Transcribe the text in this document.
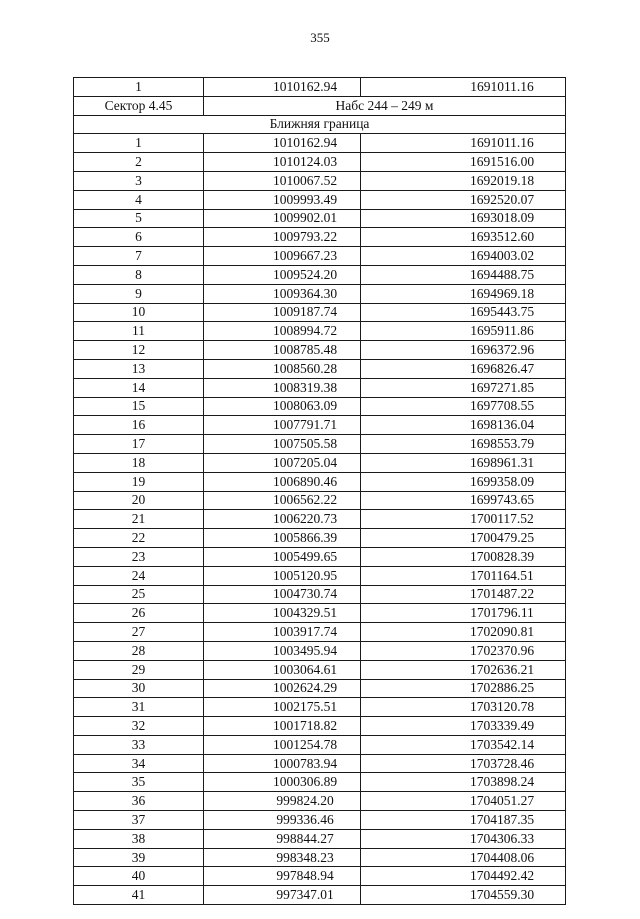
355
1	1010162.94	1691011.16
Сектор 4.45	Набс 244 – 249 м	
Ближняя граница		
1	1010162.94	1691011.16
2	1010124.03	1691516.00
3	1010067.52	1692019.18
4	1009993.49	1692520.07
5	1009902.01	1693018.09
6	1009793.22	1693512.60
7	1009667.23	1694003.02
8	1009524.20	1694488.75
9	1009364.30	1694969.18
10	1009187.74	1695443.75
11	1008994.72	1695911.86
12	1008785.48	1696372.96
13	1008560.28	1696826.47
14	1008319.38	1697271.85
15	1008063.09	1697708.55
16	1007791.71	1698136.04
17	1007505.58	1698553.79
18	1007205.04	1698961.31
19	1006890.46	1699358.09
20	1006562.22	1699743.65
21	1006220.73	1700117.52
22	1005866.39	1700479.25
23	1005499.65	1700828.39
24	1005120.95	1701164.51
25	1004730.74	1701487.22
26	1004329.51	1701796.11
27	1003917.74	1702090.81
28	1003495.94	1702370.96
29	1003064.61	1702636.21
30	1002624.29	1702886.25
31	1002175.51	1703120.78
32	1001718.82	1703339.49
33	1001254.78	1703542.14
34	1000783.94	1703728.46
35	1000306.89	1703898.24
36	999824.20	1704051.27
37	999336.46	1704187.35
38	998844.27	1704306.33
39	998348.23	1704408.06
40	997848.94	1704492.42
41	997347.01	1704559.30
